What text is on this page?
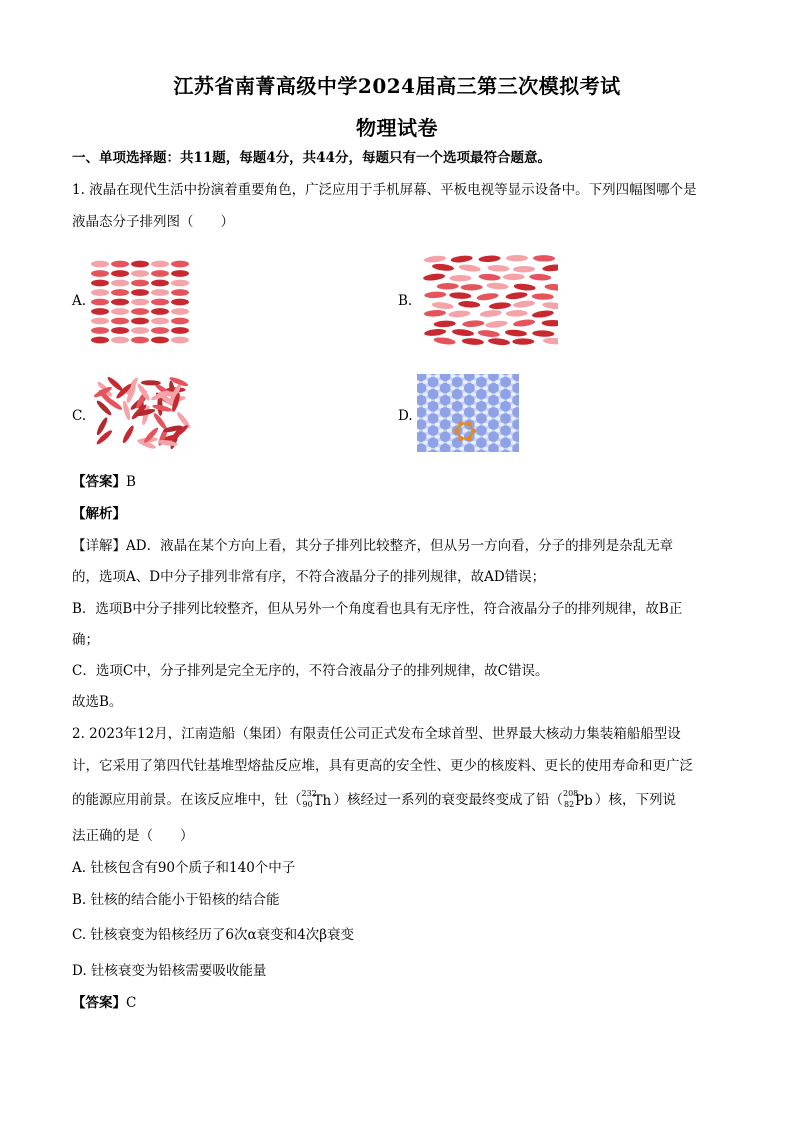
江苏省南菁高级中学2024届高三第三次模拟考试
物理试卷
一、单项选择题：共11题，每题4分，共44分，每题只有一个选项最符合题意。
1. 液晶在现代生活中扮演着重要角色，广泛应用于手机屏幕、平板电视等显示设备中。下列四幅图哪个是
液晶态分子排列图（　　）
A.	B.
C.	D.
【答案】B
【解析】
【详解】AD．液晶在某个方向上看，其分子排列比较整齐，但从另一方向看，分子的排列是杂乱无章
的，选项A、D中分子排列非常有序，不符合液晶分子的排列规律，故AD错误；
B．选项B中分子排列比较整齐，但从另外一个角度看也具有无序性，符合液晶分子的排列规律，故B正
确；
C．选项C中，分子排列是完全无序的，不符合液晶分子的排列规律，故C错误。
故选B。
2. 2023年12月，江南造船（集团）有限责任公司正式发布全球首型、世界最大核动力集装箱船船型设
计，它采用了第四代钍基堆型熔盐反应堆，具有更高的安全性、更少的核废料、更长的使用寿命和更广泛
的能源应用前景。在该反应堆中，钍（ 232
90 Th ）核经过一系列的衰变最终变成了铅（ 208
82 Pb ）核，下列说
法正确的是（　　）
A. 钍核包含有90个质子和140个中子
B. 钍核的结合能小于铅核的结合能
C. 钍核衰变为铅核经历了6次α衰变和4次β衰变
D. 钍核衰变为铅核需要吸收能量
【答案】C
